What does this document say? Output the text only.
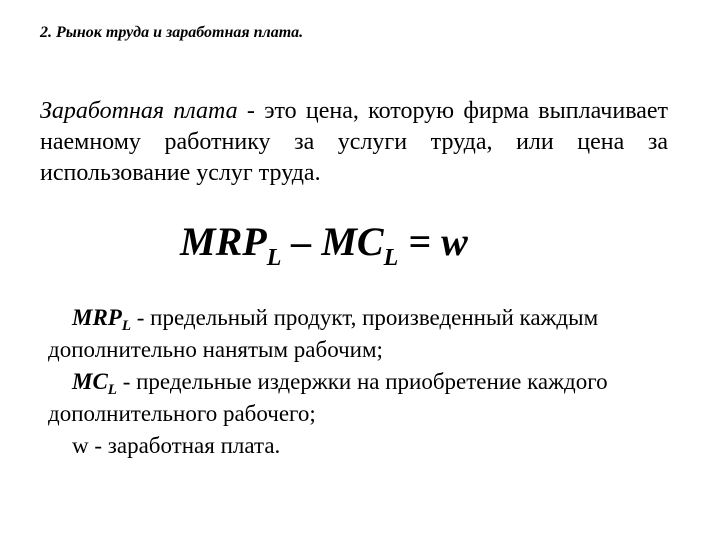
2. Рынок труда и заработная плата.
Заработная плата - это цена, которую фирма выплачивает наемному работнику за услуги труда, или цена за использование услуг труда.
$MRP_L - MC_L = w$
$MRP_L$ - предельный продукт, произведенный каждым
дополнительно нанятым рабочим;
$MC_L$ - предельные издержки на приобретение каждого
дополнительного рабочего;
w - заработная плата.
